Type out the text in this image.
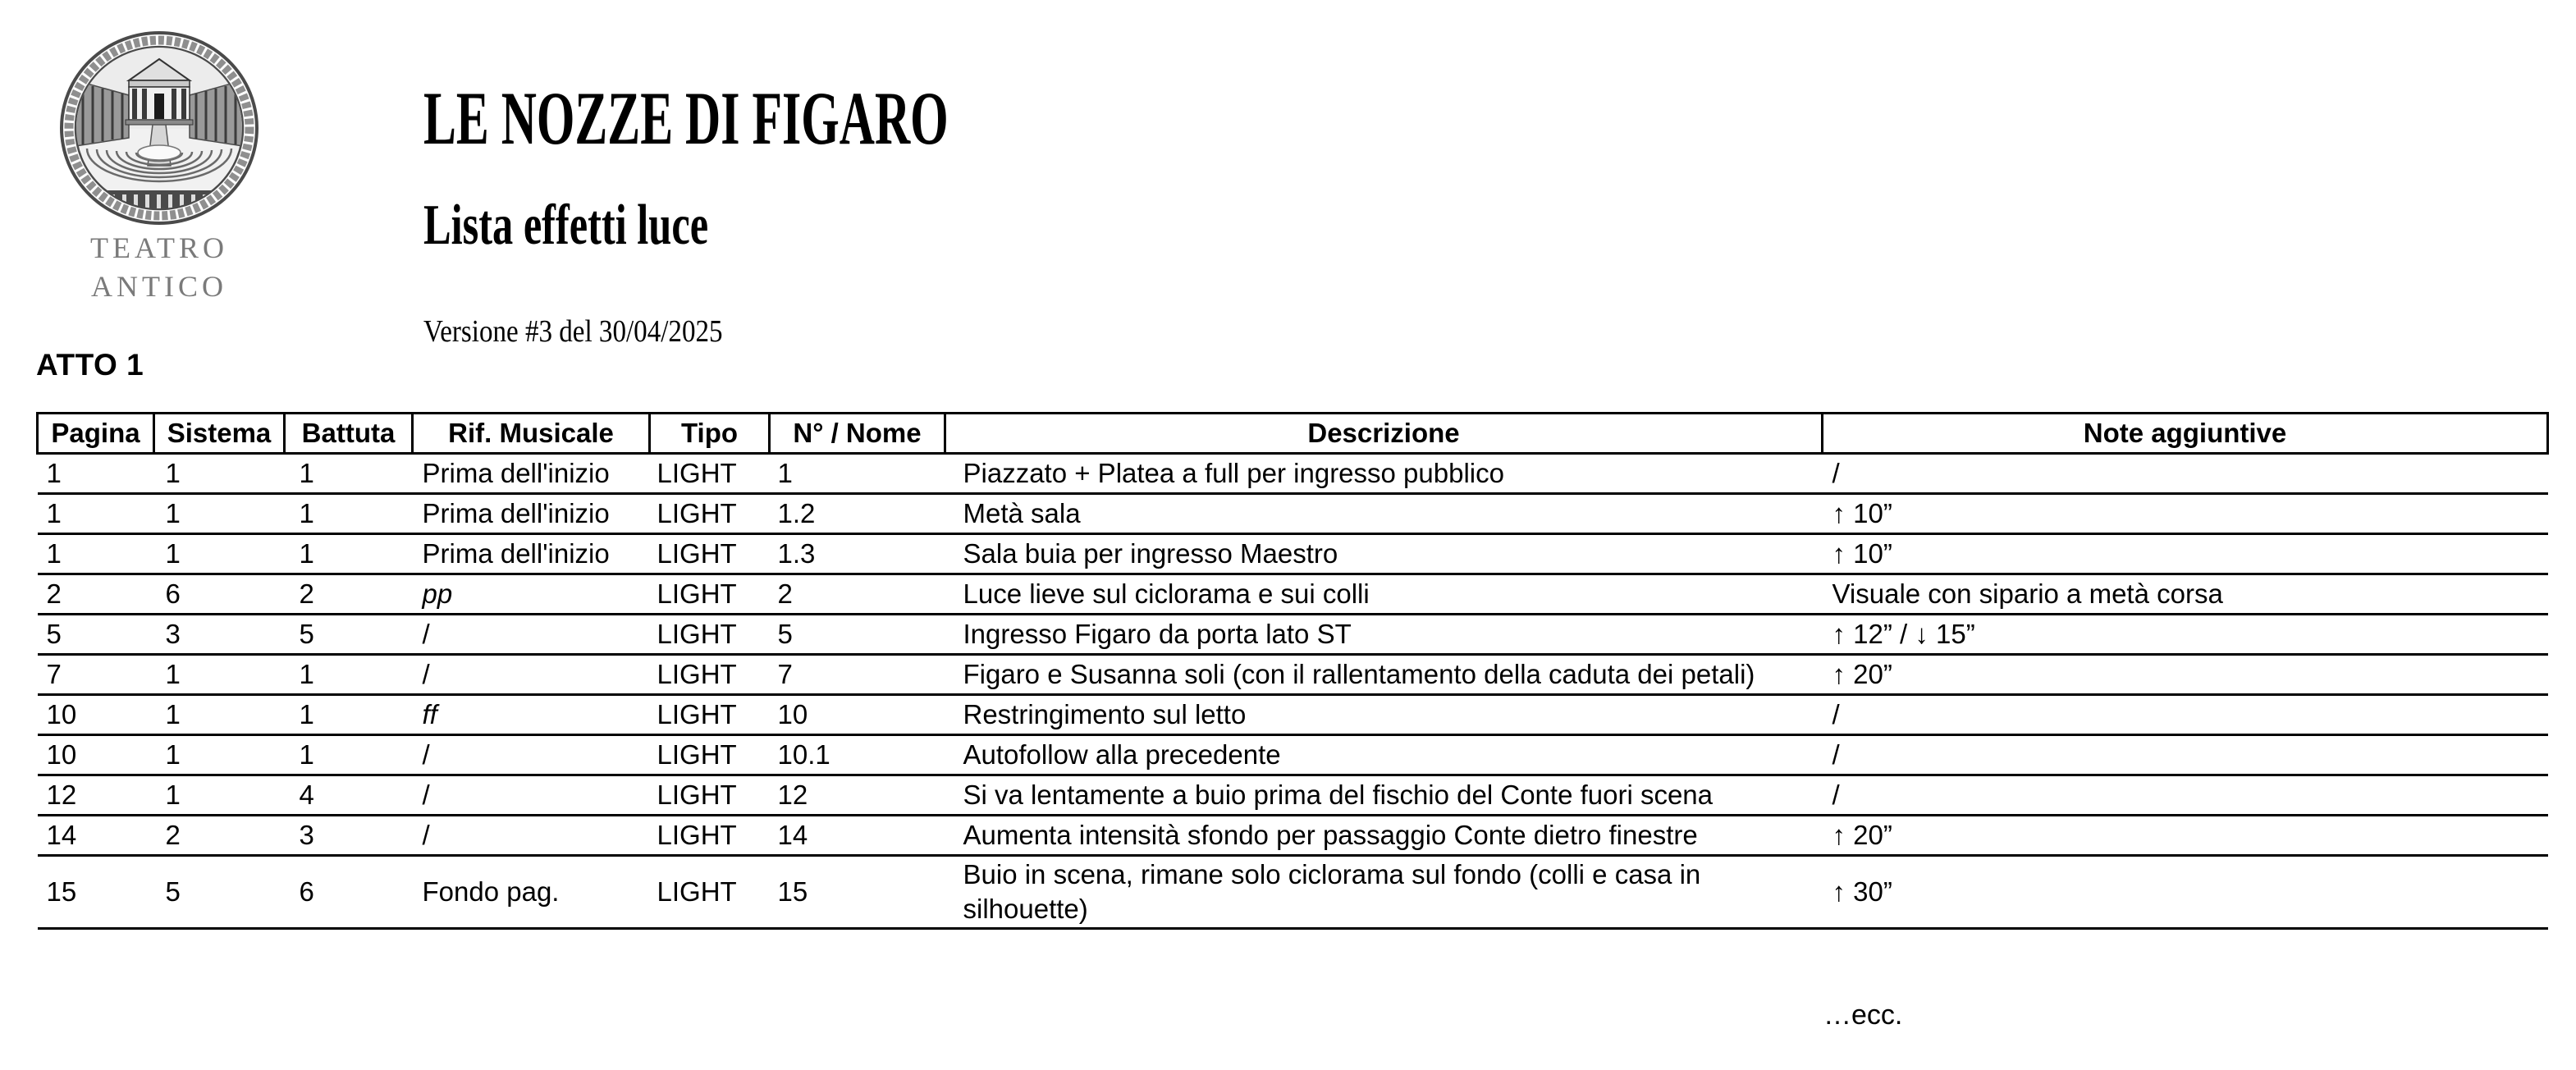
TEATRO
ANTICO
LE NOZZE DI FIGARO
Lista effetti luce
Versione #3 del 30/04/2025
ATTO 1
Pagina	Sistema	Battuta	Rif. Musicale	Tipo	N° / Nome	Descrizione	Note aggiuntive
1	1	1	Prima dell'inizio	LIGHT	1	Piazzato + Platea a full per ingresso pubblico	/
1	1	1	Prima dell'inizio	LIGHT	1.2	Metà sala	↑ 10”
1	1	1	Prima dell'inizio	LIGHT	1.3	Sala buia per ingresso Maestro	↑ 10”
2	6	2	pp	LIGHT	2	Luce lieve sul ciclorama e sui colli	Visuale con sipario a metà corsa
5	3	5	/	LIGHT	5	Ingresso Figaro da porta lato ST	↑ 12” / ↓ 15”
7	1	1	/	LIGHT	7	Figaro e Susanna soli (con il rallentamento della caduta dei petali)	↑ 20”
10	1	1	ff	LIGHT	10	Restringimento sul letto	/
10	1	1	/	LIGHT	10.1	Autofollow alla precedente	/
12	1	4	/	LIGHT	12	Si va lentamente a buio prima del fischio del Conte fuori scena	/
14	2	3	/	LIGHT	14	Aumenta intensità sfondo per passaggio Conte dietro finestre	↑ 20”
15	5	6	Fondo pag.	LIGHT	15	Buio in scena, rimane solo ciclorama sul fondo (colli e casa in silhouette)	↑ 30”
…ecc.
